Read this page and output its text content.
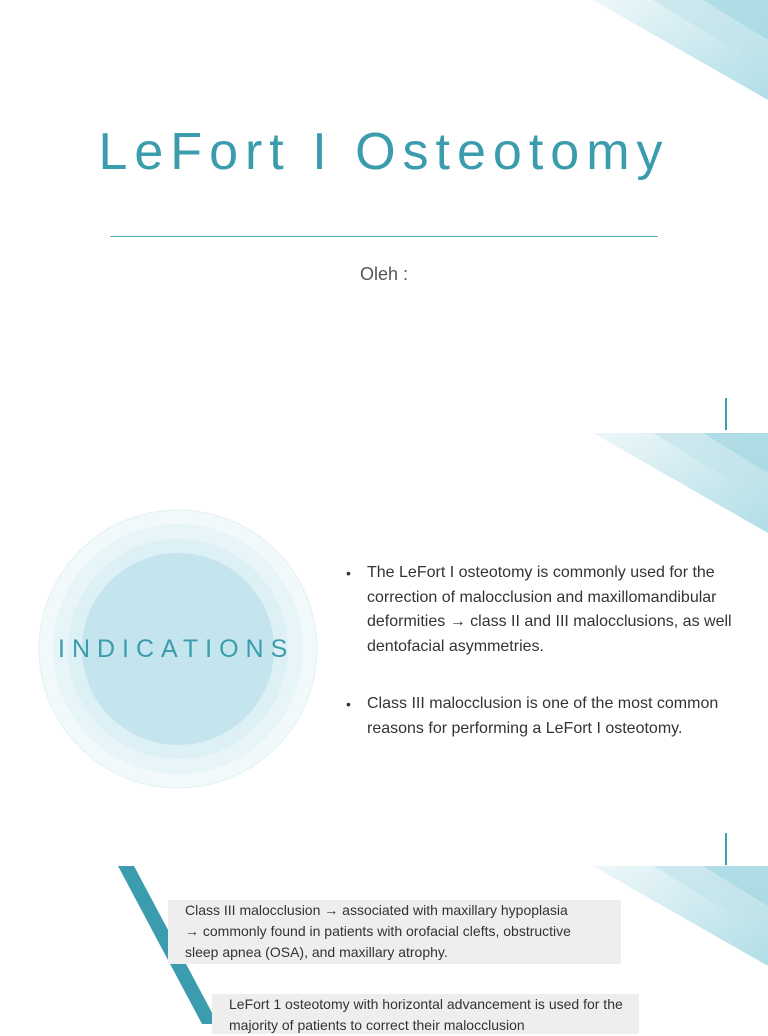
LeFort I Osteotomy
Oleh :
INDICATIONS
• The LeFort I osteotomy is commonly used for the correction of malocclusion and maxillomandibular deformities → class II and III malocclusions, as well dentofacial asymmetries.
• Class III malocclusion is one of the most common reasons for performing a LeFort I osteotomy.
Class III malocclusion → associated with maxillary hypoplasia → commonly found in patients with orofacial clefts, obstructive sleep apnea (OSA), and maxillary atrophy.
LeFort 1 osteotomy with horizontal advancement is used for the majority of patients to correct their malocclusion
